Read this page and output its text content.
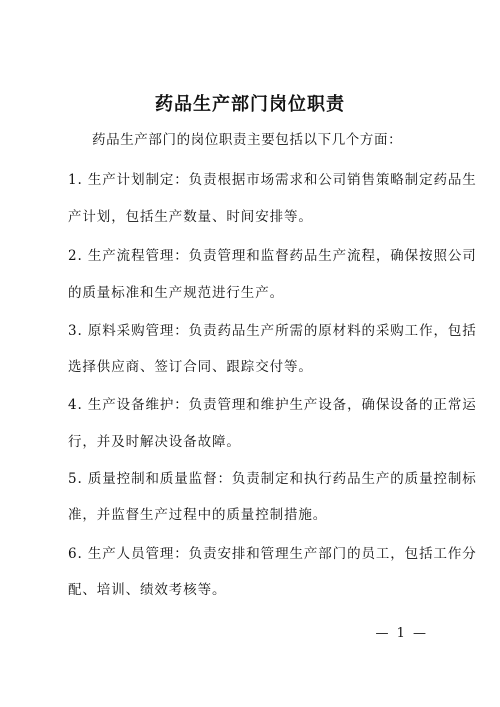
药品生产部门岗位职责

药品生产部门的岗位职责主要包括以下几个方面：

1. 生产计划制定：负责根据市场需求和公司销售策略制定药品生

产计划，包括生产数量、时间安排等。

2. 生产流程管理：负责管理和监督药品生产流程，确保按照公司

的质量标准和生产规范进行生产。

3. 原料采购管理：负责药品生产所需的原材料的采购工作，包括

选择供应商、签订合同、跟踪交付等。

4. 生产设备维护：负责管理和维护生产设备，确保设备的正常运

行，并及时解决设备故障。

5. 质量控制和质量监督：负责制定和执行药品生产的质量控制标

准，并监督生产过程中的质量控制措施。

6. 生产人员管理：负责安排和管理生产部门的员工，包括工作分

配、培训、绩效考核等。

— 1 —
